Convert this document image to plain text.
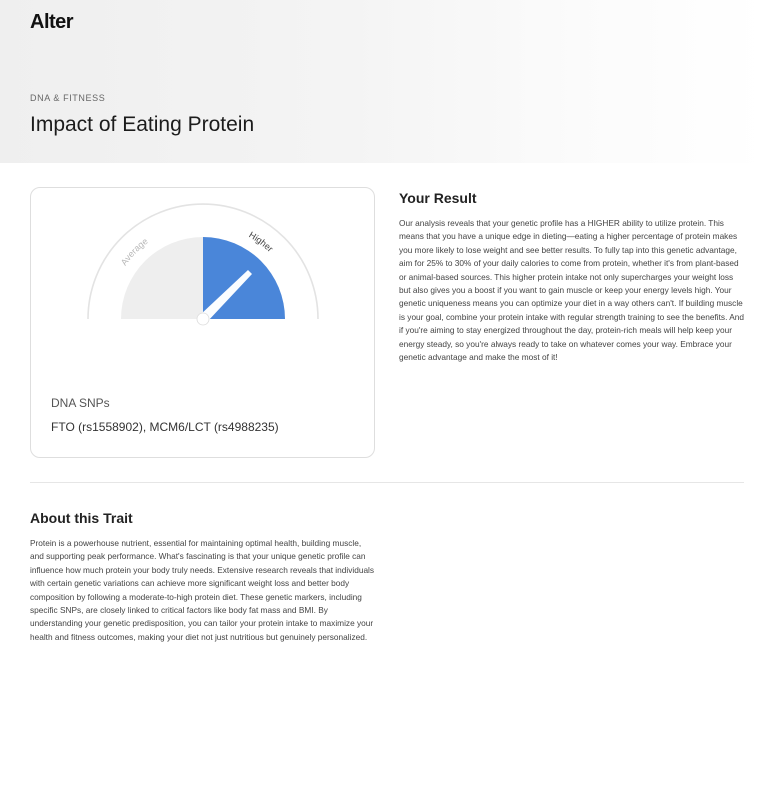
Alter
DNA & FITNESS
Impact of Eating Protein
Average	Higher
DNA SNPs
FTO (rs1558902), MCM6/LCT (rs4988235)
Your Result

Our analysis reveals that your genetic profile has a HIGHER ability to utilize protein. This means that you have a unique edge in dieting—eating a higher percentage of protein makes you more likely to lose weight and see better results. To fully tap into this genetic advantage, aim for 25% to 30% of your daily calories to come from protein, whether it's from plant-based or animal-based sources. This higher protein intake not only supercharges your weight loss but also gives you a boost if you want to gain muscle or keep your energy levels high. Your genetic uniqueness means you can optimize your diet in a way others can't. If building muscle is your goal, combine your protein intake with regular strength training to see the benefits. And if you're aiming to stay energized throughout the day, protein-rich meals will help keep your energy steady, so you're always ready to take on whatever comes your way. Embrace your genetic advantage and make the most of it!

About this Trait

Protein is a powerhouse nutrient, essential for maintaining optimal health, building muscle, and supporting peak performance. What's fascinating is that your unique genetic profile can influence how much protein your body truly needs. Extensive research reveals that individuals with certain genetic variations can achieve more significant weight loss and better body composition by following a moderate-to-high protein diet. These genetic markers, including specific SNPs, are closely linked to critical factors like body fat mass and BMI. By understanding your genetic predisposition, you can tailor your protein intake to maximize your health and fitness outcomes, making your diet not just nutritious but genuinely personalized.
